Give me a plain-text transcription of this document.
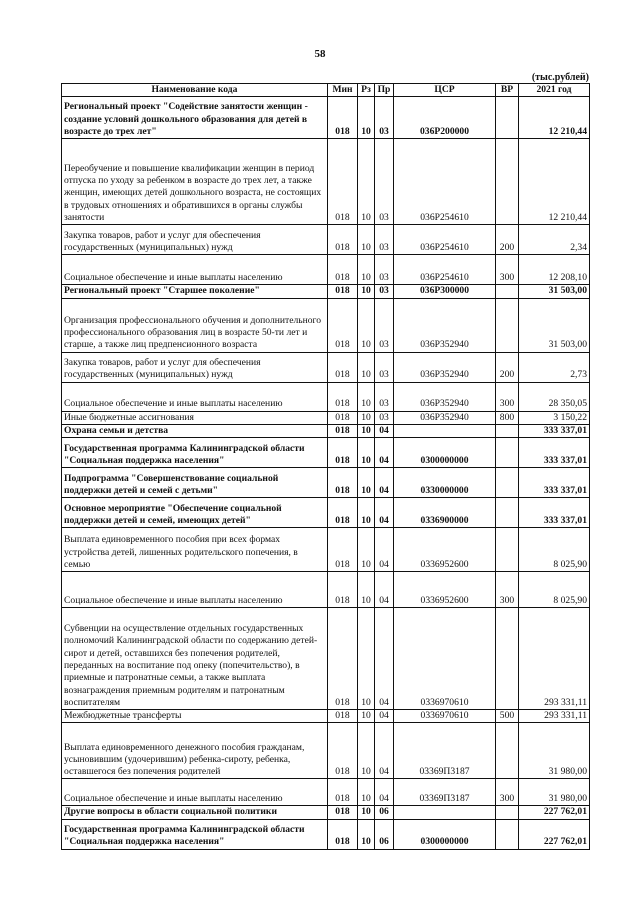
58
(тыс.рублей)
Наименование кода	Мин	Рз	Пр	ЦСР	ВР	2021 год
Региональный проект "Содействие занятости женщин - создание условий дошкольного образования для детей в возрасте до трех лет"	018	10	03	036P200000		12 210,44
Переобучение и повышение квалификации женщин в период отпуска по уходу за ребенком в возрасте до трех лет, а также женщин, имеющих детей дошкольного возраста, не состоящих в трудовых отношениях и обратившихся в органы службы занятости	018	10	03	036P254610		12 210,44
Закупка товаров, работ и услуг для обеспечения государственных (муниципальных) нужд	018	10	03	036P254610	200	2,34
Социальное обеспечение и иные выплаты населению	018	10	03	036P254610	300	12 208,10
Региональный проект "Старшее поколение"	018	10	03	036P300000		31 503,00
Организация профессионального обучения и дополнительного профессионального образования лиц в возрасте 50-ти лет и старше, а также лиц предпенсионного возраста	018	10	03	036P352940		31 503,00
Закупка товаров, работ и услуг для обеспечения государственных (муниципальных) нужд	018	10	03	036P352940	200	2,73
Социальное обеспечение и иные выплаты населению	018	10	03	036P352940	300	28 350,05
Иные бюджетные ассигнования	018	10	03	036P352940	800	3 150,22
Охрана семьи и детства	018	10	04			333 337,01
Государственная программа Калининградской области "Социальная поддержка населения"	018	10	04	0300000000		333 337,01
Подпрограмма "Совершенствование социальной поддержки детей и семей с детьми"	018	10	04	0330000000		333 337,01
Основное мероприятие "Обеспечение социальной поддержки детей и семей, имеющих детей"	018	10	04	0336900000		333 337,01
Выплата единовременного пособия при всех формах устройства детей, лишенных родительского попечения, в семью	018	10	04	0336952600		8 025,90
Социальное обеспечение и иные выплаты населению	018	10	04	0336952600	300	8 025,90
Субвенции на осуществление отдельных государственных полномочий Калининградской области по содержанию детей-сирот и детей, оставшихся без попечения родителей, переданных на воспитание под опеку (попечительство), в приемные и патронатные семьи, а также выплата вознаграждения приемным родителям и патронатным воспитателям	018	10	04	0336970610		293 331,11
Межбюджетные трансферты	018	10	04	0336970610	500	293 331,11
Выплата единовременного денежного пособия гражданам, усыновившим (удочерившим) ребенка-сироту, ребенка, оставшегося без попечения родителей	018	10	04	03369П3187		31 980,00
Социальное обеспечение и иные выплаты населению	018	10	04	03369П3187	300	31 980,00
Другие вопросы в области социальной политики	018	10	06			227 762,01
Государственная программа Калининградской области "Социальная поддержка населения"	018	10	06	0300000000		227 762,01
